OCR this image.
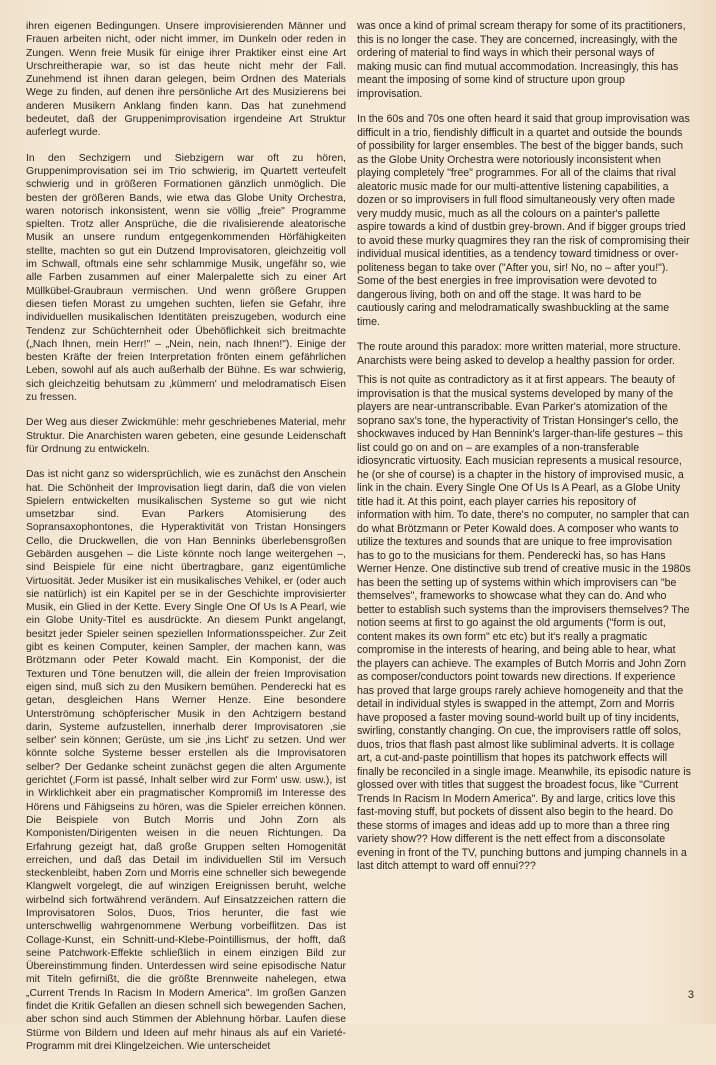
ihren eigenen Bedingungen. Unsere improvisierenden Männer und Frauen arbeiten nicht, oder nicht immer, im Dunkeln oder reden in Zungen. Wenn freie Musik für einige ihrer Praktiker einst eine Art Urschreitherapie war, so ist das heute nicht mehr der Fall. Zunehmend ist ihnen daran gelegen, beim Ordnen des Materials Wege zu finden, auf denen ihre persönliche Art des Musizierens bei anderen Musikern Anklang finden kann. Das hat zunehmend bedeutet, daß der Gruppenimprovisation irgendeine Art Struktur auferlegt wurde.

In den Sechzigern und Siebzigern war oft zu hören, Gruppenimprovisation sei im Trio schwierig, im Quartett verteufelt schwierig und in größeren Formationen gänzlich unmöglich. Die besten der größeren Bands, wie etwa das Globe Unity Orchestra, waren notorisch inkonsistent, wenn sie völlig „freie" Programme spielten. Trotz aller Ansprüche, die die rivalisierende aleatorische Musik an unsere rundum entgegenkommenden Hörfähigkeiten stellte, machten so gut ein Dutzend Improvisatoren, gleichzeitig voll im Schwall, oftmals eine sehr schlammige Musik, ungefähr so, wie alle Farben zusammen auf einer Malerpalette sich zu einer Art Müllkübel-Graubraun vermischen. Und wenn größere Gruppen diesen tiefen Morast zu umgehen suchten, liefen sie Gefahr, ihre individuellen musikalischen Identitäten preiszugeben, wodurch eine Tendenz zur Schüchternheit oder Übehöflichkeit sich breitmachte („Nach Ihnen, mein Herr!" – „Nein, nein, nach Ihnen!"). Einige der besten Kräfte der freien Interpretation frönten einem gefährlichen Leben, sowohl auf als auch außerhalb der Bühne. Es war schwierig, sich gleichzeitig behutsam zu ‚kümmern' und melodramatisch Eisen zu fressen.

Der Weg aus dieser Zwickmühle: mehr geschriebenes Material, mehr Struktur. Die Anarchisten waren gebeten, eine gesunde Leidenschaft für Ordnung zu entwickeln.

Das ist nicht ganz so widersprüchlich, wie es zunächst den Anschein hat. Die Schönheit der Improvisation liegt darin, daß die von vielen Spielern entwickelten musikalischen Systeme so gut wie nicht umsetzbar sind. Evan Parkers Atomisierung des Sopransaxophontones, die Hyperaktivität von Tristan Honsingers Cello, die Druckwellen, die von Han Benninks überlebensgroßen Gebärden ausgehen – die Liste könnte noch lange weitergehen –, sind Beispiele für eine nicht übertragbare, ganz eigentümliche Virtuosität. Jeder Musiker ist ein musikalisches Vehikel, er (oder auch sie natürlich) ist ein Kapitel per se in der Geschichte improvisierter Musik, ein Glied in der Kette. Every Single One Of Us Is A Pearl, wie ein Globe Unity-Titel es ausdrückte. An diesem Punkt angelangt, besitzt jeder Spieler seinen speziellen Informationsspeicher. Zur Zeit gibt es keinen Computer, keinen Sampler, der machen kann, was Brötzmann oder Peter Kowald macht. Ein Komponist, der die Texturen und Töne benutzen will, die allein der freien Improvisation eigen sind, muß sich zu den Musikern bemühen. Penderecki hat es getan, desgleichen Hans Werner Henze. Eine besondere Unterströmung schöpferischer Musik in den Achtzigern bestand darin, Systeme aufzustellen, innerhalb derer Improvisatoren ‚sie selber' sein können; Gerüste, um sie ‚ins Licht' zu setzen. Und wer könnte solche Systeme besser erstellen als die Improvisatoren selber? Der Gedanke scheint zunächst gegen die alten Argumente gerichtet (‚Form ist passé, Inhalt selber wird zur Form' usw. usw.), ist in Wirklichkeit aber ein pragmatischer Kompromiß im Interesse des Hörens und Fähigseins zu hören, was die Spieler erreichen können. Die Beispiele von Butch Morris und John Zorn als Komponisten/Dirigenten weisen in die neuen Richtungen. Da Erfahrung gezeigt hat, daß große Gruppen selten Homogenität erreichen, und daß das Detail im individuellen Stil im Versuch steckenbleibt, haben Zorn und Morris eine schneller sich bewegende Klangwelt vorgelegt, die auf winzigen Ereignissen beruht, welche wirbelnd sich fortwährend verändern. Auf Einsatzzeichen rattern die Improvisatoren Solos, Duos, Trios herunter, die fast wie unterschwellig wahrgenommene Werbung vorbeiflitzen. Das ist Collage-Kunst, ein Schnitt-und-Klebe-Pointillismus, der hofft, daß seine Patchwork-Effekte schließlich in einem einzigen Bild zur Übereinstimmung finden. Unterdessen wird seine episodische Natur mit Titeln gefirnißt, die die größte Brennweite nahelegen, etwa „Current Trends In Racism In Modern America". Im großen Ganzen findet die Kritik Gefallen an diesen schnell sich bewegenden Sachen, aber schon sind auch Stimmen der Ablehnung hörbar. Laufen diese Stürme von Bildern und Ideen auf mehr hinaus als auf ein Varieté-Programm mit drei Klingelzeichen. Wie unterscheidet

was once a kind of primal scream therapy for some of its practitioners, this is no longer the case. They are concerned, increasingly, with the ordering of material to find ways in which their personal ways of making music can find mutual accommodation. Increasingly, this has meant the imposing of some kind of structure upon group improvisation.

In the 60s and 70s one often heard it said that group improvisation was difficult in a trio, fiendishly difficult in a quartet and outside the bounds of possibility for larger ensembles. The best of the bigger bands, such as the Globe Unity Orchestra were notoriously inconsistent when playing completely "free" programmes. For all of the claims that rival aleatoric music made for our multi-attentive listening capabilities, a dozen or so improvisers in full flood simultaneously very often made very muddy music, much as all the colours on a painter's pallette aspire towards a kind of dustbin grey-brown. And if bigger groups tried to avoid these murky quagmires they ran the risk of compromising their individual musical identities, as a tendency toward timidness or over-politeness began to take over ("After you, sir! No, no – after you!"). Some of the best energies in free improvisation were devoted to dangerous living, both on and off the stage. It was hard to be cautiously caring and melodramatically swashbuckling at the same time.

The route around this paradox: more written material, more structure. Anarchists were being asked to develop a healthy passion for order.

This is not quite as contradictory as it at first appears. The beauty of improvisation is that the musical systems developed by many of the players are near-untranscribable. Evan Parker's atomization of the soprano sax's tone, the hyperactivity of Tristan Honsinger's cello, the shockwaves induced by Han Bennink's larger-than-life gestures – this list could go on and on – are examples of a non-transferable idiosyncratic virtuosity. Each musician represents a musical resource, he (or she of course) is a chapter in the history of improvised music, a link in the chain. Every Single One Of Us Is A Pearl, as a Globe Unity title had it. At this point, each player carries his repository of information with him. To date, there's no computer, no sampler that can do what Brötzmann or Peter Kowald does. A composer who wants to utilize the textures and sounds that are unique to free improvisation has to go to the musicians for them. Penderecki has, so has Hans Werner Henze. One distinctive sub trend of creative music in the 1980s has been the setting up of systems within which improvisers can "be themselves", frameworks to showcase what they can do. And who better to establish such systems than the improvisers themselves? The notion seems at first to go against the old arguments ("form is out, content makes its own form" etc etc) but it's really a pragmatic compromise in the interests of hearing, and being able to hear, what the players can achieve. The examples of Butch Morris and John Zorn as composer/conductors point towards new directions. If experience has proved that large groups rarely achieve homogeneity and that the detail in individual styles is swapped in the attempt, Zorn and Morris have proposed a faster moving sound-world built up of tiny incidents, swirling, constantly changing. On cue, the improvisers rattle off solos, duos, trios that flash past almost like subliminal adverts. It is collage art, a cut-and-paste pointillism that hopes its patchwork effects will finally be reconciled in a single image. Meanwhile, its episodic nature is glossed over with titles that suggest the broadest focus, like "Current Trends In Racism In Modern America". By and large, critics love this fast-moving stuff, but pockets of dissent also begin to the heard. Do these storms of images and ideas add up to more than a three ring variety show?? How different is the nett effect from a disconsolate evening in front of the TV, punching buttons and jumping channels in a last ditch attempt to ward off ennui???

3
